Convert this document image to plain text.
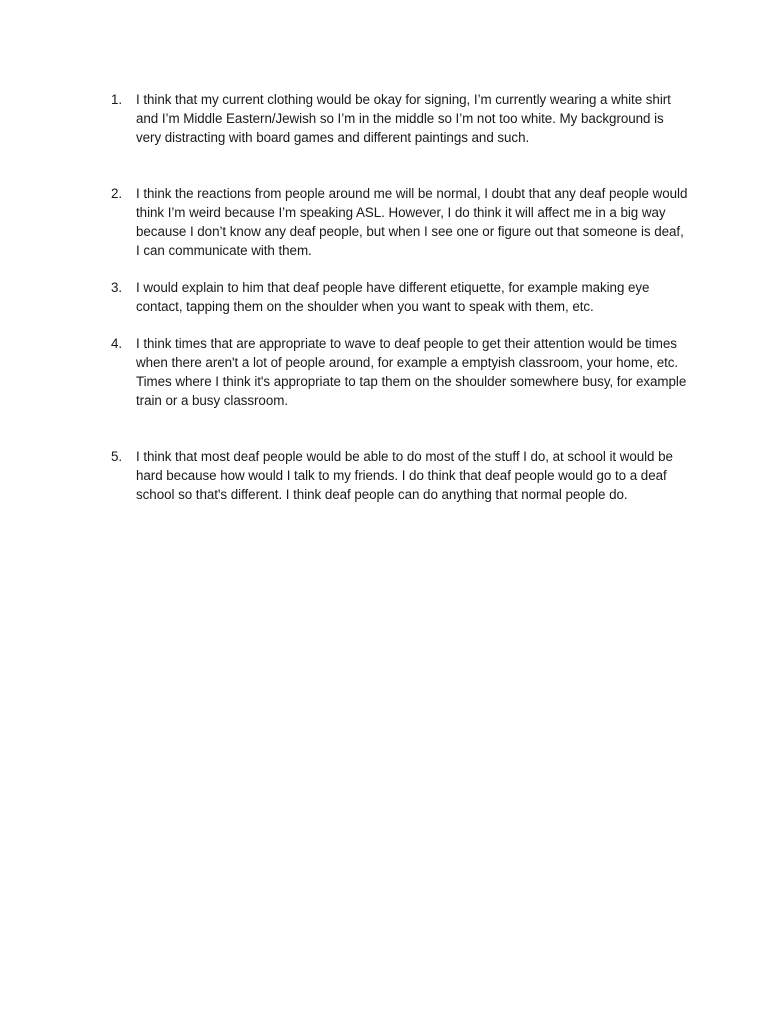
1.	I think that my current clothing would be okay for signing, I’m currently wearing a white shirt and I’m Middle Eastern/Jewish so I’m in the middle so I’m not too white. My background is very distracting with board games and different paintings and such.
2.	I think the reactions from people around me will be normal, I doubt that any deaf people would think I’m weird because I’m speaking ASL. However, I do think it will affect me in a big way because I don’t know any deaf people, but when I see one or figure out that someone is deaf, I can communicate with them.
3.	I would explain to him that deaf people have different etiquette, for example making eye contact, tapping them on the shoulder when you want to speak with them, etc.
4.	I think times that are appropriate to wave to deaf people to get their attention would be times when there aren't a lot of people around, for example a emptyish classroom, your home, etc. Times where I think it's appropriate to tap them on the shoulder somewhere busy, for example train or a busy classroom.
5.	I think that most deaf people would be able to do most of the stuff I do, at school it would be hard because how would I talk to my friends. I do think that deaf people would go to a deaf school so that's different. I think deaf people can do anything that normal people do.
